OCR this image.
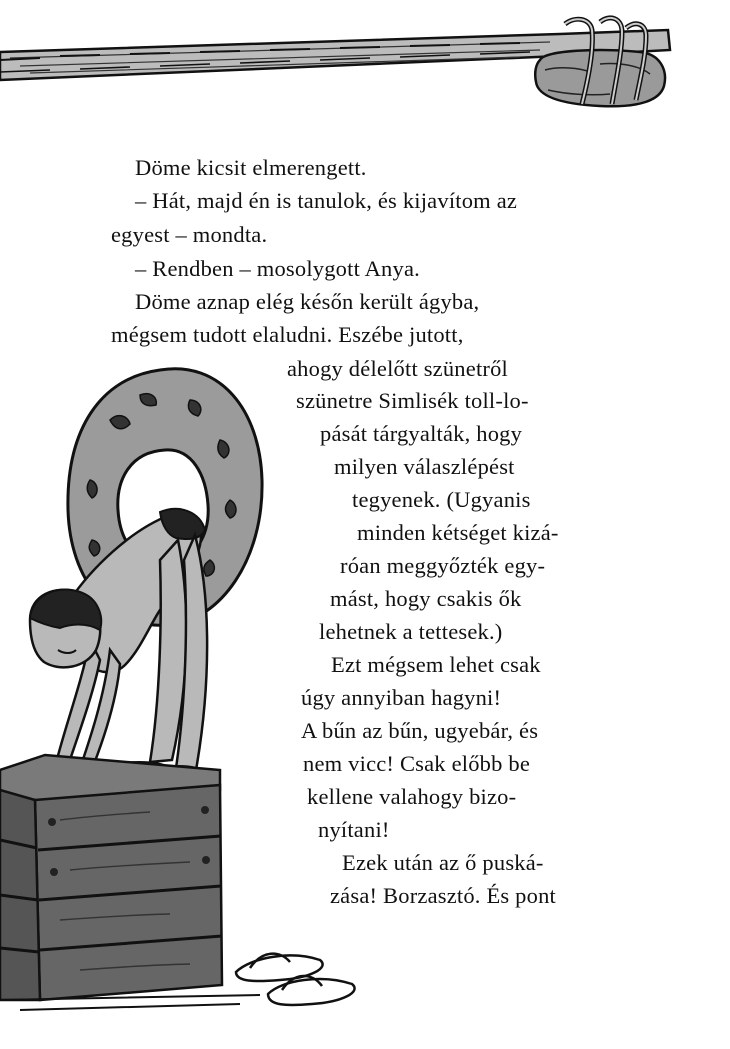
Döme kicsit elmerengett.
– Hát, majd én is tanulok, és kijavítom az
egyest – mondta.
– Rendben – mosolygott Anya.
Döme aznap elég későn került ágyba,
mégsem tudott elaludni. Eszébe jutott,
ahogy délelőtt szünetről
szünetre Simlisék toll-lo-
pását tárgyalták, hogy
milyen válaszlépést
tegyenek. (Ugyanis
minden kétséget kizá-
róan meggyőzték egy-
mást, hogy csakis ők
lehetnek a tettesek.)
Ezt mégsem lehet csak
úgy annyiban hagyni!
A bűn az bűn, ugyebár, és
nem vicc! Csak előbb be
kellene valahogy bizo-
nyítani!
Ezek után az ő puská-
zása! Borzasztó. És pont
